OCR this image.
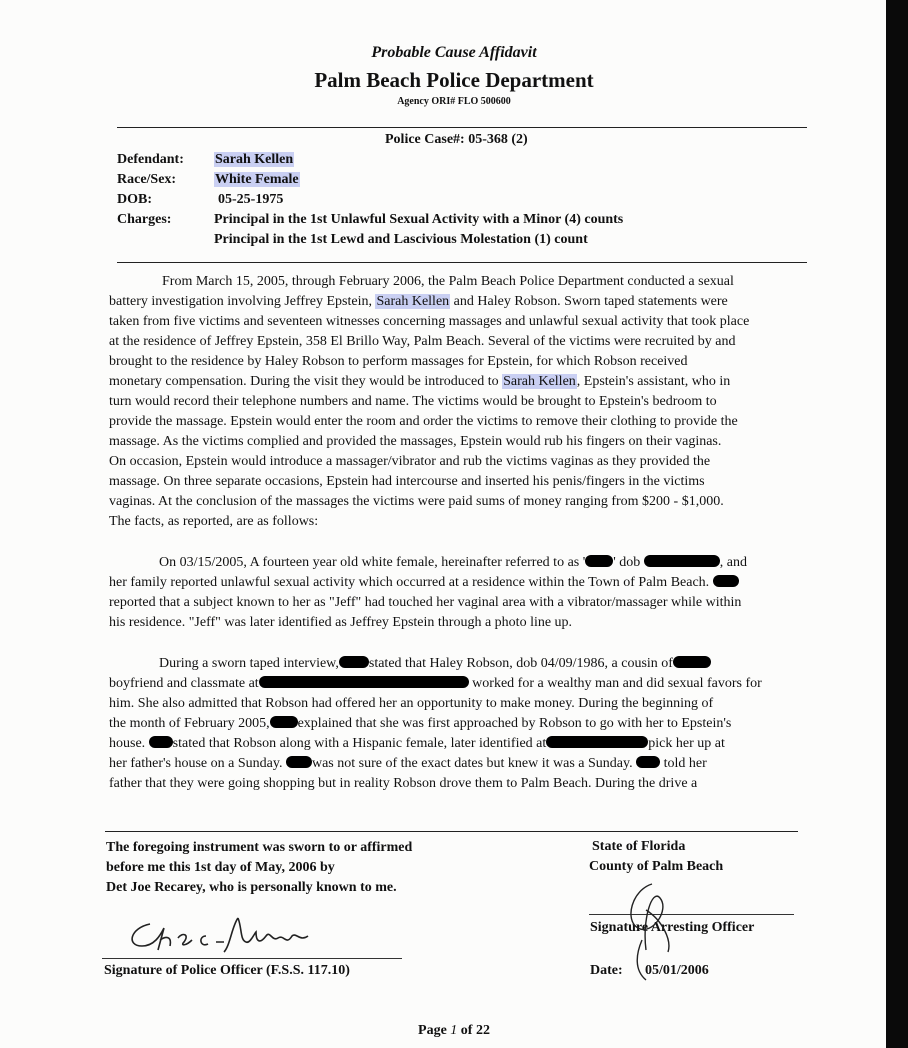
Probable Cause Affidavit
Palm Beach Police Department
Agency ORI# FLO 500600
Police Case#: 05-368 (2)
Defendant: Sarah Kellen
Race/Sex:	White Female
DOB:	05-25-1975
Charges:	Principal in the 1st Unlawful Sexual Activity with a Minor (4) counts
Principal in the 1st Lewd and Lascivious Molestation (1) count
From March 15, 2005, through February 2006, the Palm Beach Police Department conducted a sexual
battery investigation involving Jeffrey Epstein, Sarah Kellen and Haley Robson. Sworn taped statements were
taken from five victims and seventeen witnesses concerning massages and unlawful sexual activity that took place
at the residence of Jeffrey Epstein, 358 El Brillo Way, Palm Beach. Several of the victims were recruited by and
brought to the residence by Haley Robson to perform massages for Epstein, for which Robson received
monetary compensation. During the visit they would be introduced to Sarah Kellen, Epstein's assistant, who in
turn would record their telephone numbers and name. The victims would be brought to Epstein's bedroom to
provide the massage. Epstein would enter the room and order the victims to remove their clothing to provide the
massage. As the victims complied and provided the massages, Epstein would rub his fingers on their vaginas.
On occasion, Epstein would introduce a massager/vibrator and rub the victims vaginas as they provided the
massage. On three separate occasions, Epstein had intercourse and inserted his penis/fingers in the victims
vaginas. At the conclusion of the massages the victims were paid sums of money ranging from $200 - $1,000.
The facts, as reported, are as follows:
On 03/15/2005, A fourteen year old white female, hereinafter referred to as ' ' dob	, and
her family reported unlawful sexual activity which occurred at a residence within the Town of Palm Beach.
reported that a subject known to her as "Jeff" had touched her vaginal area with a vibrator/massager while within
his residence. "Jeff" was later identified as Jeffrey Epstein through a photo line up.
During a sworn taped interview, stated that Haley Robson, dob 04/09/1986, a cousin of
boyfriend and classmate at	worked for a wealthy man and did sexual favors for
him. She also admitted that Robson had offered her an opportunity to make money. During the beginning of
the month of February 2005, explained that she was first approached by Robson to go with her to Epstein's
house. stated that Robson along with a Hispanic female, later identified at	pick her up at
her father's house on a Sunday. was not sure of the exact dates but knew it was a Sunday. told her
father that they were going shopping but in reality Robson drove them to Palm Beach. During the drive a
The foregoing instrument was sworn to or affirmed
before me this 1st day of May, 2006 by
Det Joe Recarey, who is personally known to me.
Signature of Police Officer (F.S.S. 117.10)
State of Florida
County of Palm Beach
Signature Arresting Officer
Date: 05/01/2006
Page 1 of 22
